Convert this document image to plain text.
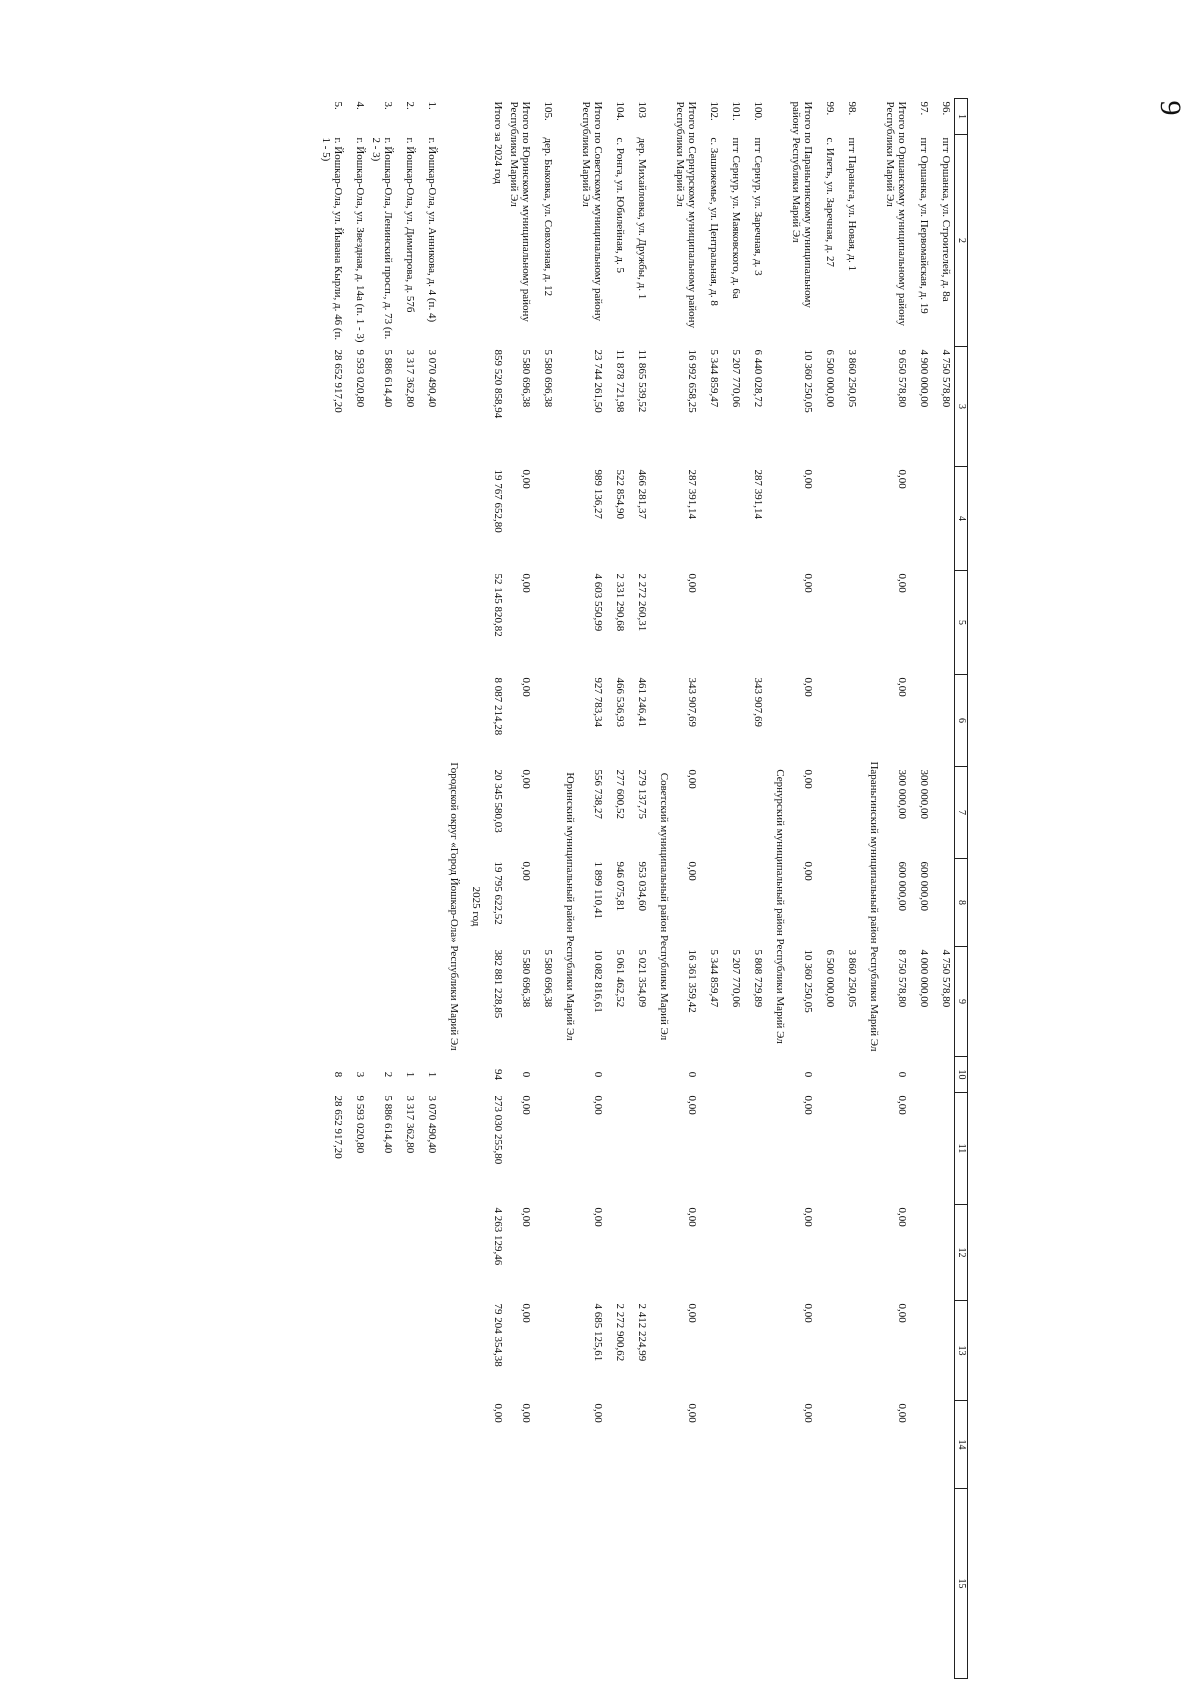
9
1	2	3	4	5	6	7	8	9	10	11	12	13	14	15	
96.	пгт Оршанка, ул. Строителей, д. 8а	4 750 578,80						4 750 578,80							
97.	пгт Оршанка, ул. Первомайская, д. 19	4 900 000,00				300 000,00	600 000,00	4 000 000,00							
Итого по Оршанскому муниципальному району Республики Марий Эл		9 650 578,80	0,00	0,00	0,00	300 000,00	600 000,00	8 750 578,80	0	0,00	0,00	0,00	0,00		
	Параньгинский муниципальный район Республики Марий Эл														
98.	пгт Параньга, ул. Новая, д. 1	3 860 250,05						3 860 250,05							
99.	с. Илеть, ул. Заречная, д. 27	6 500 000,00						6 500 000,00							
Итого по Параньгинскому муниципальному району Республики Марий Эл		10 360 250,05	0,00	0,00	0,00	0,00	0,00	10 360 250,05	0	0,00	0,00	0,00	0,00		
	Сернурский муниципальный район Республики Марий Эл														
100.	пгт Сернур, ул. Заречная, д. 3	6 440 028,72	287 391,14		343 907,69			5 808 729,89							
101.	пгт Сернур, ул. Маяковского, д. 6а	5 207 770,06						5 207 770,06							
102.	с. Зашижемье, ул. Центральная, д. 8	5 344 859,47						5 344 859,47							
Итого по Сернурскому муниципальному району Республики Марий Эл		16 992 658,25	287 391,14	0,00	343 907,69	0,00	0,00	16 361 359,42	0	0,00	0,00	0,00	0,00		
	Советский муниципальный район Республики Марий Эл														
103	дер. Михайловка, ул. Дружбы, д. 1	11 865 539,52	466 281,37	2 272 260,31	461 246,41	279 137,75	953 034,60	5 021 354,09				2 412 224,99			
104.	с. Ронга, ул. Юбилейная, д. 5	11 878 721,98	522 854,90	2 331 290,68	466 536,93	277 600,52	946 075,81	5 061 462,52				2 272 900,62			
Итого по Советскому муниципальному району Республики Марий Эл		23 744 261,50	989 136,27	4 603 550,99	927 783,34	556 738,27	1 899 110,41	10 082 816,61	0	0,00	0,00	4 685 125,61	0,00		
	Юринский муниципальный район Республики Марий Эл														
105.	дер. Быковка, ул. Совхозная, д. 12	5 580 696,38						5 580 696,38							
Итого по Юринскому муниципальному району Республики Марий Эл		5 580 696,38	0,00	0,00	0,00	0,00	0,00	5 580 696,38	0	0,00	0,00	0,00	0,00		
Итого за 2024 год		859 520 858,94	19 767 652,80	52 145 820,82	8 087 214,28	20 345 580,03	19 795 622,52	382 881 228,85	94	273 030 255,80	4 263 129,46	79 204 354,38	0,00		
	2025 год														
	Городской округ «Город Йошкар-Ола» Республики Марий Эл														
1.	г. Йошкар-Ола, ул. Анникова, д. 4 (п. 4)	3 070 490,40							1	3 070 490,40					
2.	г. Йошкар-Ола, ул. Димитрова, д. 57б	3 317 362,80							1	3 317 362,80					
3.	г. Йошкар-Ола, Ленинский просп., д. 73 (п. 2 - 3)	5 886 614,40							2	5 886 614,40					
4.	г. Йошкар-Ола, ул. Звездная, д. 14а (п. 1 - 3)	9 593 020,80							3	9 593 020,80					
5.	г. Йошкар-Ола, ул. Йывана Кырли, д. 46 (п. 1 - 5)	28 652 917,20							8	28 652 917,20					
